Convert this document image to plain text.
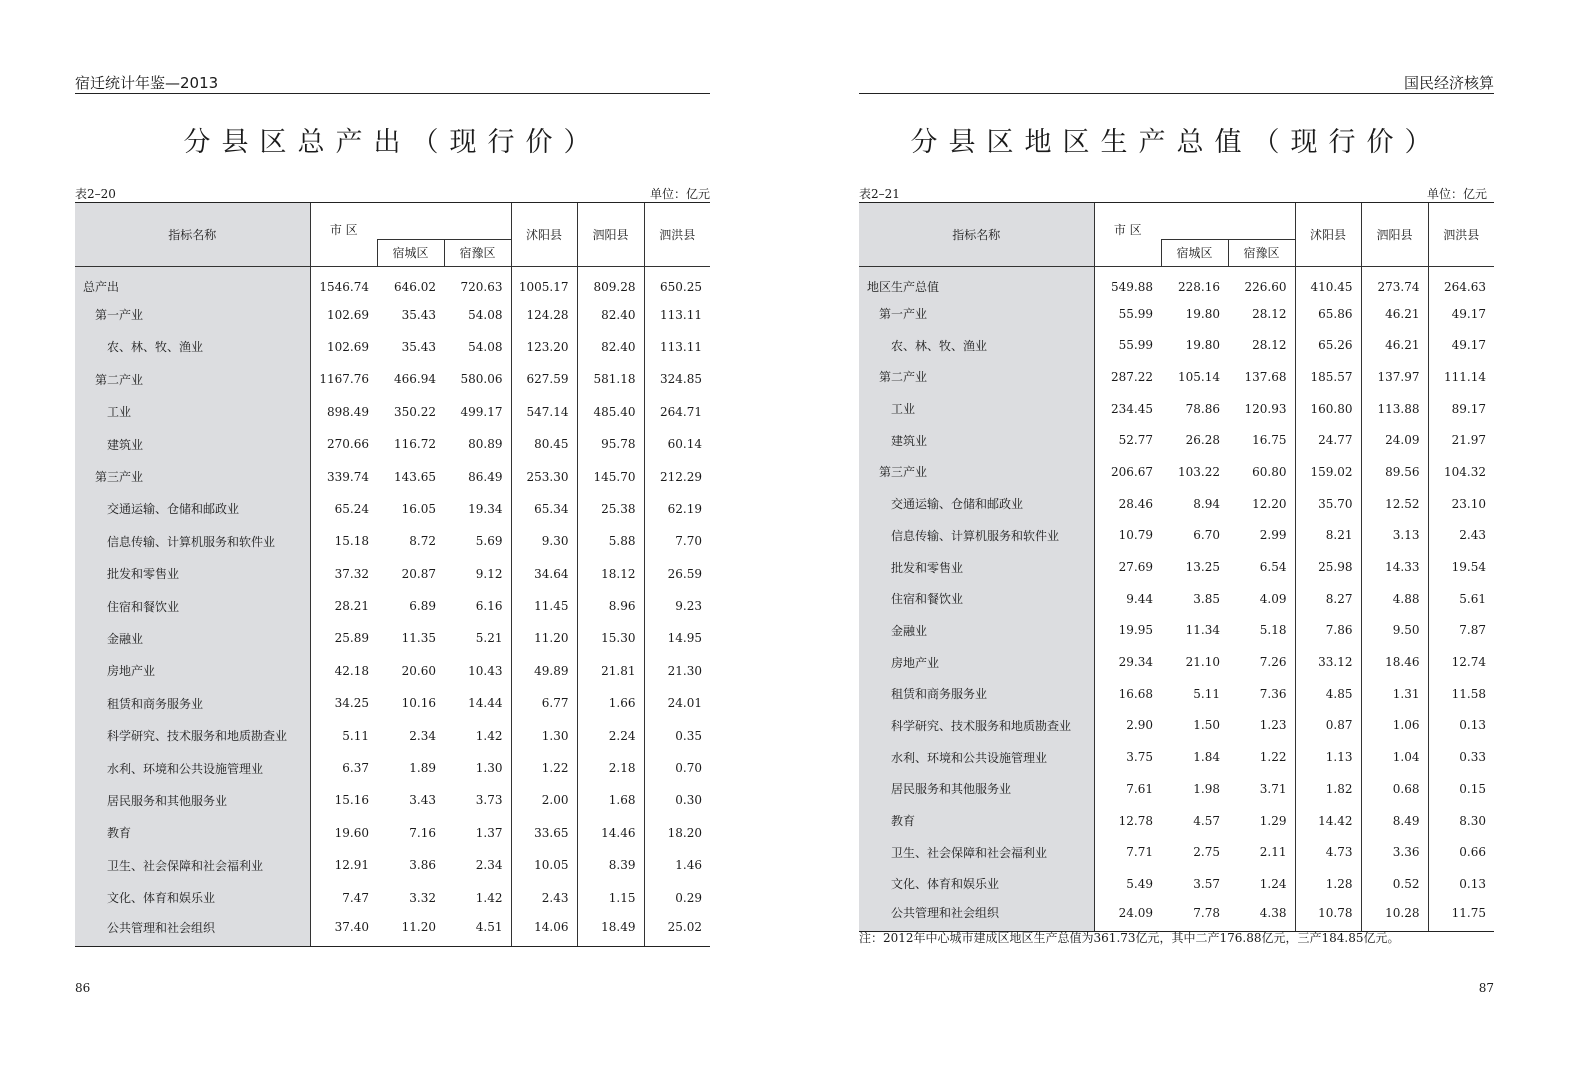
宿迁统计年鉴—2013
分县区总产出（现行价）
表2–20	单位：亿元
指标名称	市 区			沭阳县	泗阳县	泗洪县
		宿城区	宿豫区			
总产出	1546.74	646.02	720.63	1005.17	809.28	650.25
第一产业	102.69	35.43	54.08	124.28	82.40	113.11
农、林、牧、渔业	102.69	35.43	54.08	123.20	82.40	113.11
第二产业	1167.76	466.94	580.06	627.59	581.18	324.85
工业	898.49	350.22	499.17	547.14	485.40	264.71
建筑业	270.66	116.72	80.89	80.45	95.78	60.14
第三产业	339.74	143.65	86.49	253.30	145.70	212.29
交通运输、仓储和邮政业	65.24	16.05	19.34	65.34	25.38	62.19
信息传输、计算机服务和软件业	15.18	8.72	5.69	9.30	5.88	7.70
批发和零售业	37.32	20.87	9.12	34.64	18.12	26.59
住宿和餐饮业	28.21	6.89	6.16	11.45	8.96	9.23
金融业	25.89	11.35	5.21	11.20	15.30	14.95
房地产业	42.18	20.60	10.43	49.89	21.81	21.30
租赁和商务服务业	34.25	10.16	14.44	6.77	1.66	24.01
科学研究、技术服务和地质勘查业	5.11	2.34	1.42	1.30	2.24	0.35
水利、环境和公共设施管理业	6.37	1.89	1.30	1.22	2.18	0.70
居民服务和其他服务业	15.16	3.43	3.73	2.00	1.68	0.30
教育	19.60	7.16	1.37	33.65	14.46	18.20
卫生、社会保障和社会福利业	12.91	3.86	2.34	10.05	8.39	1.46
文化、体育和娱乐业	7.47	3.32	1.42	2.43	1.15	0.29
公共管理和社会组织	37.40	11.20	4.51	14.06	18.49	25.02
86
国民经济核算
分县区地区生产总值（现行价）
表2–21	单位：亿元
指标名称	市 区			沭阳县	泗阳县	泗洪县
		宿城区	宿豫区			
地区生产总值	549.88	228.16	226.60	410.45	273.74	264.63
第一产业	55.99	19.80	28.12	65.86	46.21	49.17
农、林、牧、渔业	55.99	19.80	28.12	65.26	46.21	49.17
第二产业	287.22	105.14	137.68	185.57	137.97	111.14
工业	234.45	78.86	120.93	160.80	113.88	89.17
建筑业	52.77	26.28	16.75	24.77	24.09	21.97
第三产业	206.67	103.22	60.80	159.02	89.56	104.32
交通运输、仓储和邮政业	28.46	8.94	12.20	35.70	12.52	23.10
信息传输、计算机服务和软件业	10.79	6.70	2.99	8.21	3.13	2.43
批发和零售业	27.69	13.25	6.54	25.98	14.33	19.54
住宿和餐饮业	9.44	3.85	4.09	8.27	4.88	5.61
金融业	19.95	11.34	5.18	7.86	9.50	7.87
房地产业	29.34	21.10	7.26	33.12	18.46	12.74
租赁和商务服务业	16.68	5.11	7.36	4.85	1.31	11.58
科学研究、技术服务和地质勘查业	2.90	1.50	1.23	0.87	1.06	0.13
水利、环境和公共设施管理业	3.75	1.84	1.22	1.13	1.04	0.33
居民服务和其他服务业	7.61	1.98	3.71	1.82	0.68	0.15
教育	12.78	4.57	1.29	14.42	8.49	8.30
卫生、社会保障和社会福利业	7.71	2.75	2.11	4.73	3.36	0.66
文化、体育和娱乐业	5.49	3.57	1.24	1.28	0.52	0.13
公共管理和社会组织	24.09	7.78	4.38	10.78	10.28	11.75
注：2012年中心城市建成区地区生产总值为361.73亿元，其中二产176.88亿元，三产184.85亿元。
87
